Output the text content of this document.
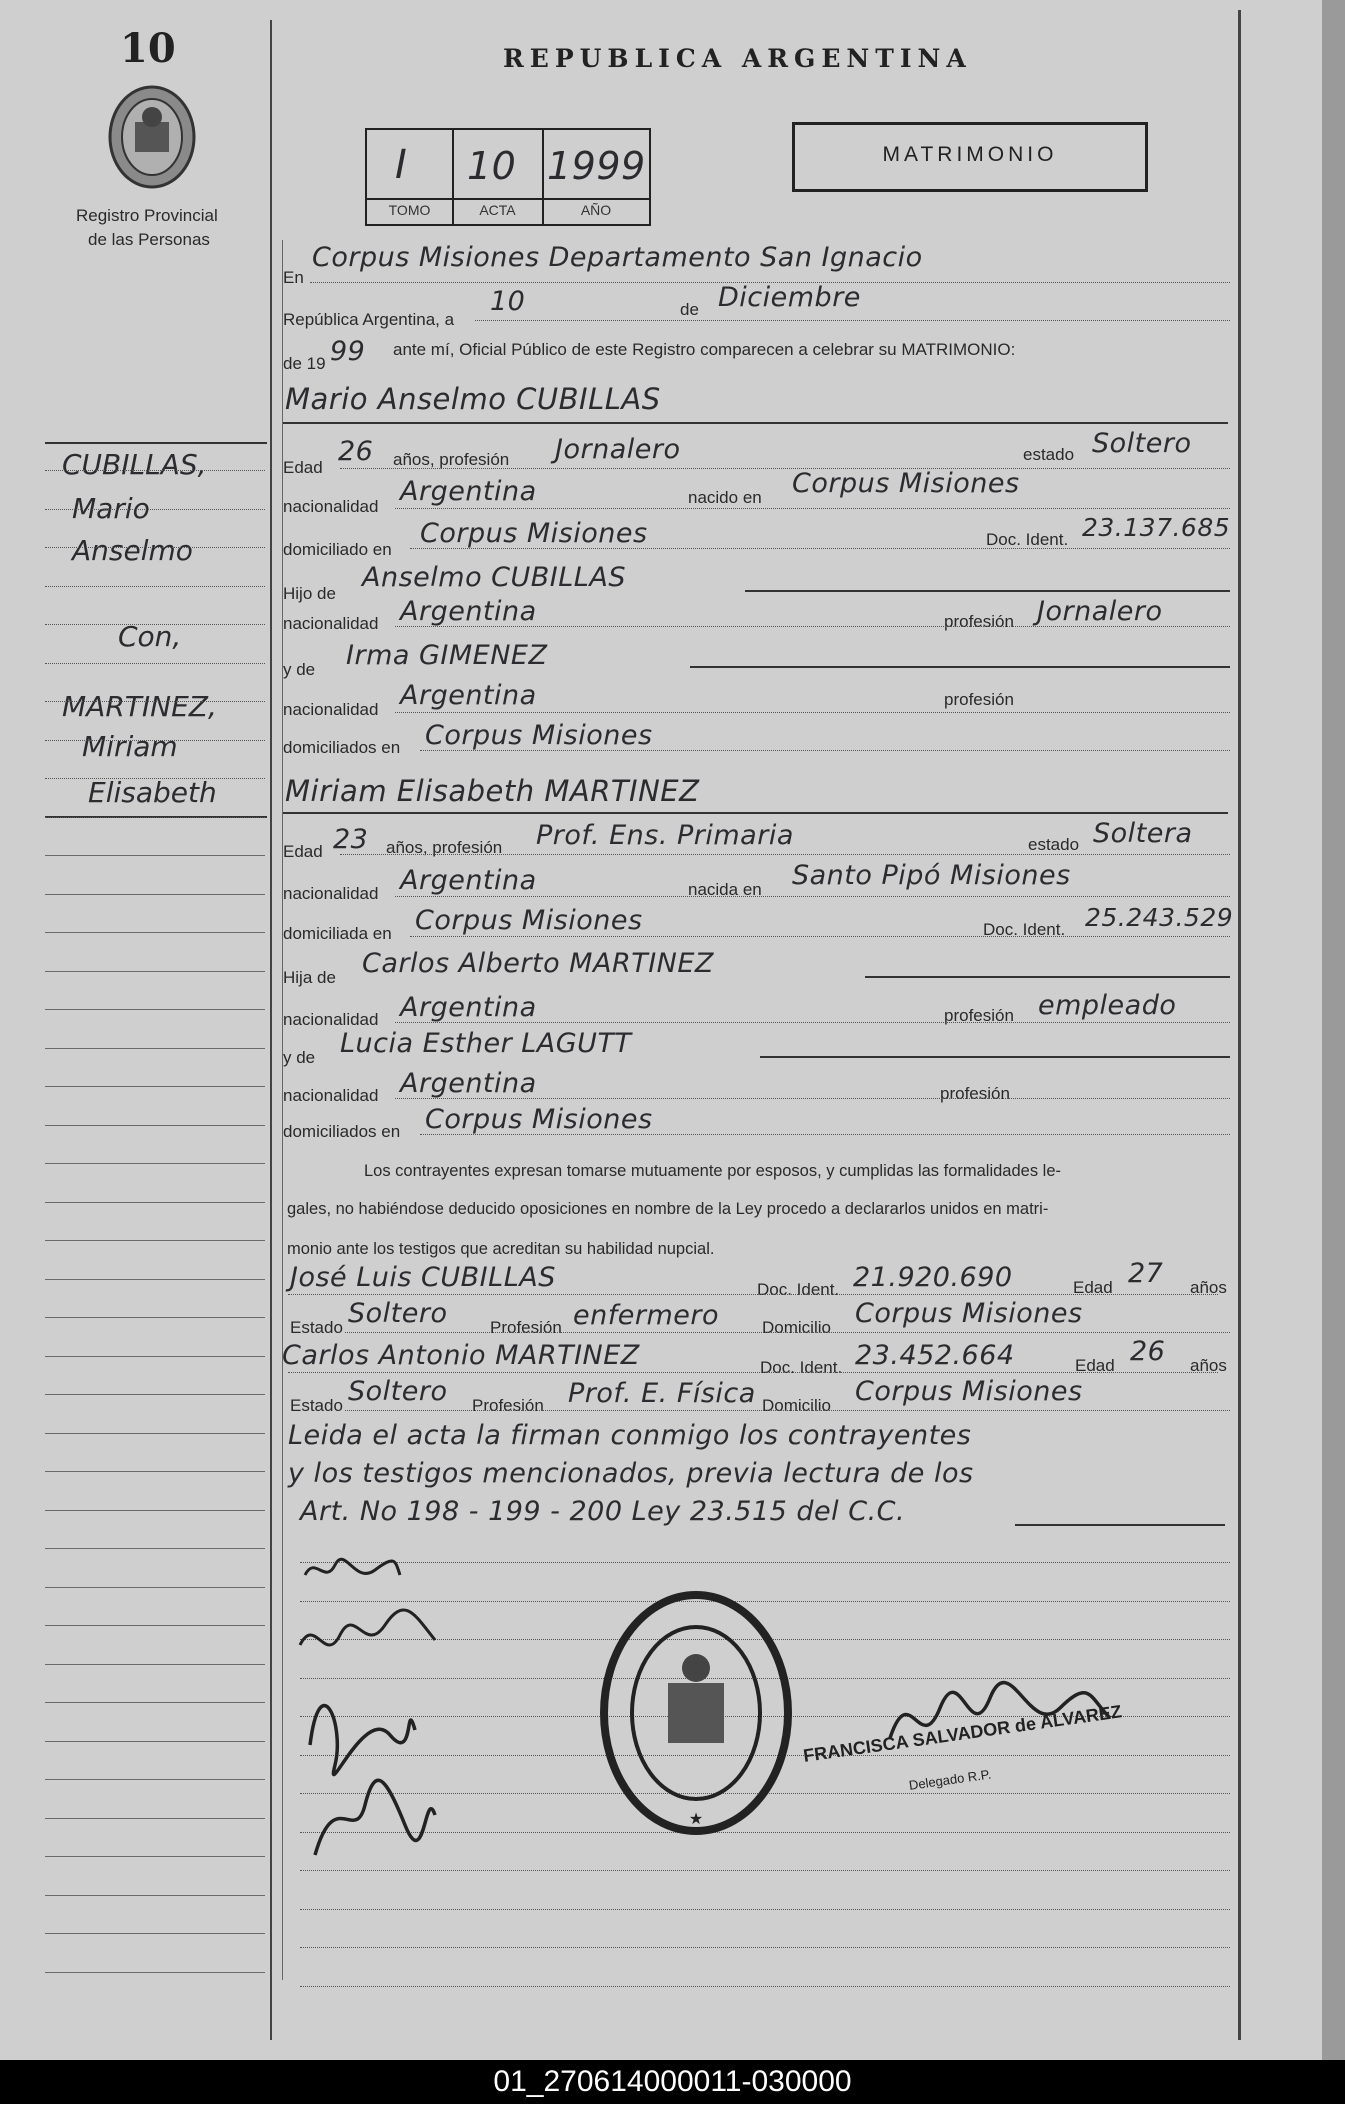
10
Registro Provincial
de las Personas
REPUBLICA ARGENTINA
I 10 1999
TOMO	ACTA	AÑO
MATRIMONIO
CUBILLAS,
Mario
Anselmo
Con,
MARTINEZ,
Miriam
Elisabeth
En
Corpus Misiones Departamento San Ignacio
República Argentina, a
10	de Diciembre
de 19 99 ante mí, Oficial Público de este Registro comparecen a celebrar su MATRIMONIO:
Mario Anselmo CUBILLAS
Edad
26 años, profesión Jornalero	estado Soltero
nacionalidad Argentina	nacido en Corpus Misiones
domiciliado en
Corpus Misiones	Doc. Ident. 23.137.685
Hijo de
Anselmo CUBILLAS
nacionalidad Argentina	profesión Jornalero
y de Irma GIMENEZ
nacionalidad Argentina	profesión
domiciliados en Corpus Misiones
Miriam Elisabeth MARTINEZ
Edad 23 años, profesión Prof. Ens. Primaria	estado Soltera
nacionalidad Argentina	nacida en Santo Pipó Misiones
domiciliada en Corpus Misiones	Doc. Ident. 25.243.529
Hija de Carlos Alberto MARTINEZ
nacionalidad Argentina	profesión empleado
y de Lucia Esther LAGUTT
nacionalidad Argentina	profesión
domiciliados en Corpus Misiones
Los contrayentes expresan tomarse mutuamente por esposos, y cumplidas las formalidades le-
gales, no habiéndose deducido oposiciones en nombre de la Ley procedo a declararlos unidos en matri-
monio ante los testigos que acreditan su habilidad nupcial.
José Luis CUBILLAS	Doc. Ident. 21.920.690	Edad 27 años
Estado Soltero	Profesión enfermero	Domicilio Corpus Misiones
Carlos Antonio MARTINEZ	Doc. Ident. 23.452.664	Edad 26 años
Estado Soltero Profesión Prof. E. Física Domicilio Corpus Misiones
Leida el acta la firman conmigo los contrayentes
y los testigos mencionados, previa lectura de los
Art. No 198 - 199 - 200 Ley 23.515 del C.C.
★
FRANCISCA SALVADOR de ALVAREZ
Delegado R.P.
01_270614000011-030000
